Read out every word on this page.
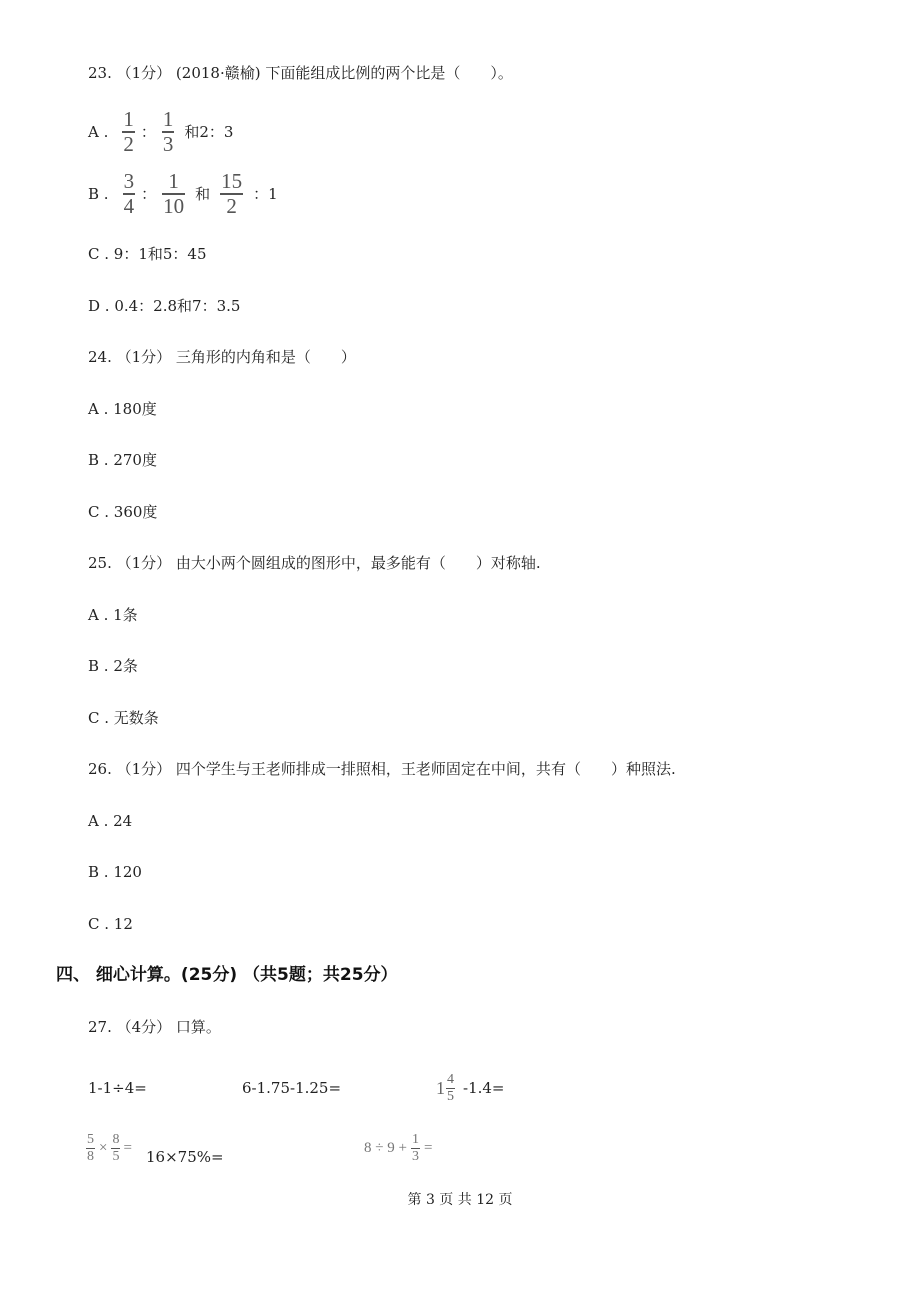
23. （1分） (2018·赣榆) 下面能组成比例的两个比是（　　）。
A . $\frac{1}{2}$ ： $\frac{1}{3}$ 和2：3
B . $\frac{3}{4}$ ： $\frac{1}{10}$ 和 $\frac{15}{2}$ ：1
C . 9：1和5：45
D . 0.4：2.8和7：3.5
24. （1分） 三角形的内角和是（　　）
A . 180度
B . 270度
C . 360度
25. （1分） 由大小两个圆组成的图形中，最多能有（　　）对称轴.
A . 1条
B . 2条
C . 无数条
26. （1分） 四个学生与王老师排成一排照相，王老师固定在中间，共有（　　）种照法.
A . 24
B . 120
C . 12
四、 细心计算。(25分) （共5题；共25分）
27. （4分） 口算。
1-1÷4=	6-1.75-1.25=	$1 \frac{4}{5} -1.4=$
$\frac{5}{8} \times \frac{8}{5} = 16\times 75\%=$	$8 \div 9 + \frac{1}{3}$ =
第 3 页 共 12 页
